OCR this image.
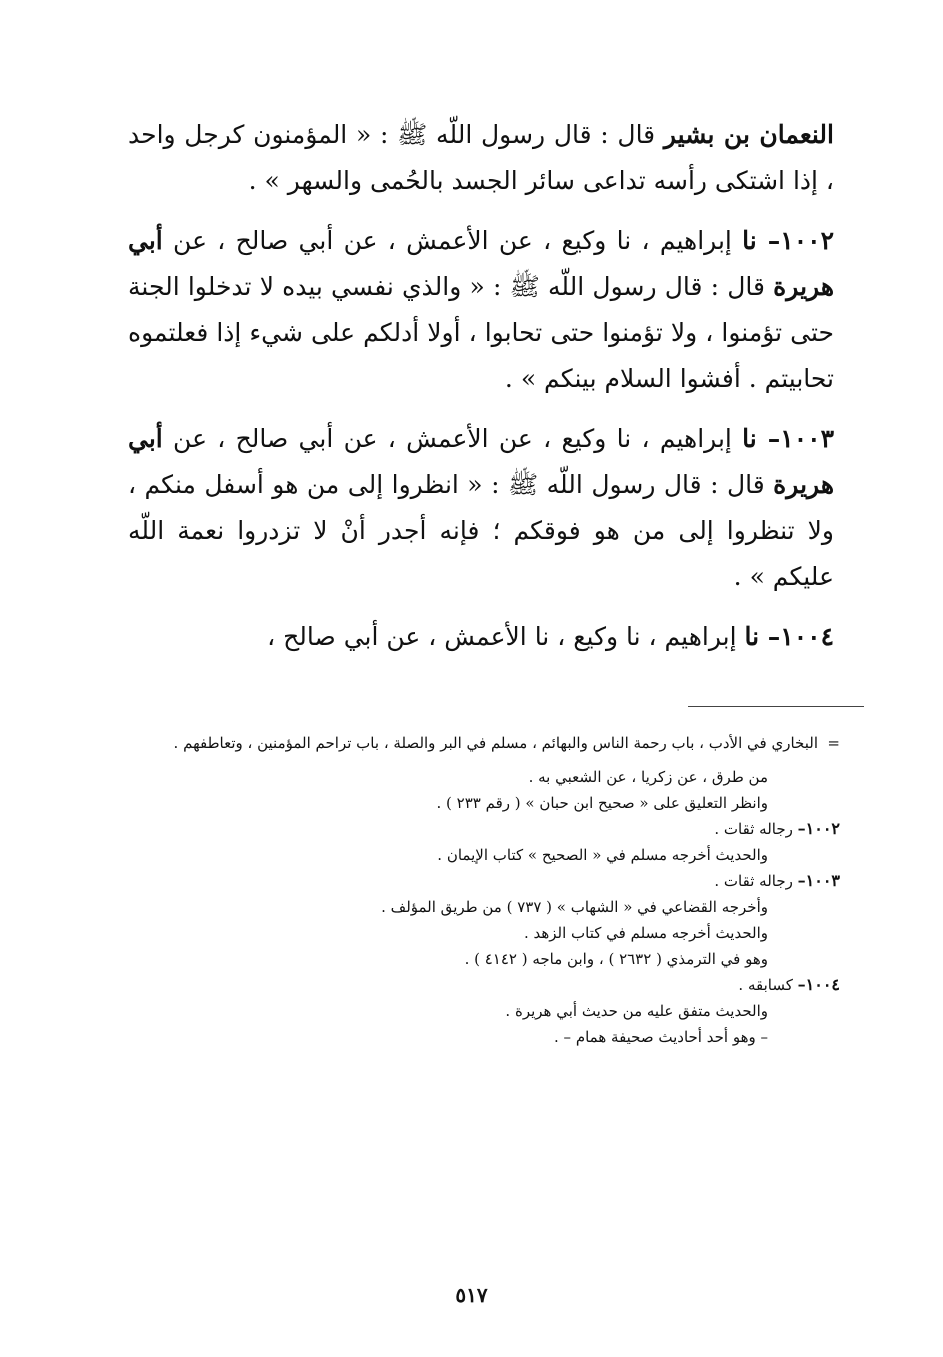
النعمان بن بشير قال : قال رسول اللّه ﷺ : « المؤمنون كرجل واحد ، إذا اشتكى رأسه تداعى سائر الجسد بالحُمى والسهر » .

١٠٠٢– نا إبراهيم ، نا وكيع ، عن الأعمش ، عن أبي صالح ، عن أبي هريرة قال : قال رسول اللّه ﷺ : « والذي نفسي بيده لا تدخلوا الجنة حتى تؤمنوا ، ولا تؤمنوا حتى تحابوا ، أولا أدلكم على شيء إذا فعلتموه تحابيتم . أفشوا السلام بينكم » .

١٠٠٣– نا إبراهيم ، نا وكيع ، عن الأعمش ، عن أبي صالح ، عن أبي هريرة قال : قال رسول اللّه ﷺ : « انظروا إلى من هو أسفل منكم ، ولا تنظروا إلى من هو فوقكم ؛ فإنه أجدر أنْ لا تزدروا نعمة اللّه عليكم » .

١٠٠٤– نا إبراهيم ، نا وكيع ، نا الأعمش ، عن أبي صالح ،

=
البخاري في الأدب ، باب رحمة الناس والبهائم ، مسلم في البر والصلة ، باب تراحم المؤمنين ، وتعاطفهم .

من طرق ، عن زكريا ، عن الشعبي به .

وانظر التعليق على « صحيح ابن حبان » ( رقم ٢٣٣ ) .

١٠٠٢– رجاله ثقات .

والحديث أخرجه مسلم في « الصحيح » كتاب الإيمان .

١٠٠٣– رجاله ثقات .

وأخرجه القضاعي في « الشهاب » ( ٧٣٧ ) من طريق المؤلف .

والحديث أخرجه مسلم في كتاب الزهد .

وهو في الترمذي ( ٢٦٣٢ ) ، وابن ماجه ( ٤١٤٢ ) .

١٠٠٤– كسابقه .

والحديث متفق عليه من حديث أبي هريرة .

– وهو أحد أحاديث صحيفة همام – .

٥١٧
